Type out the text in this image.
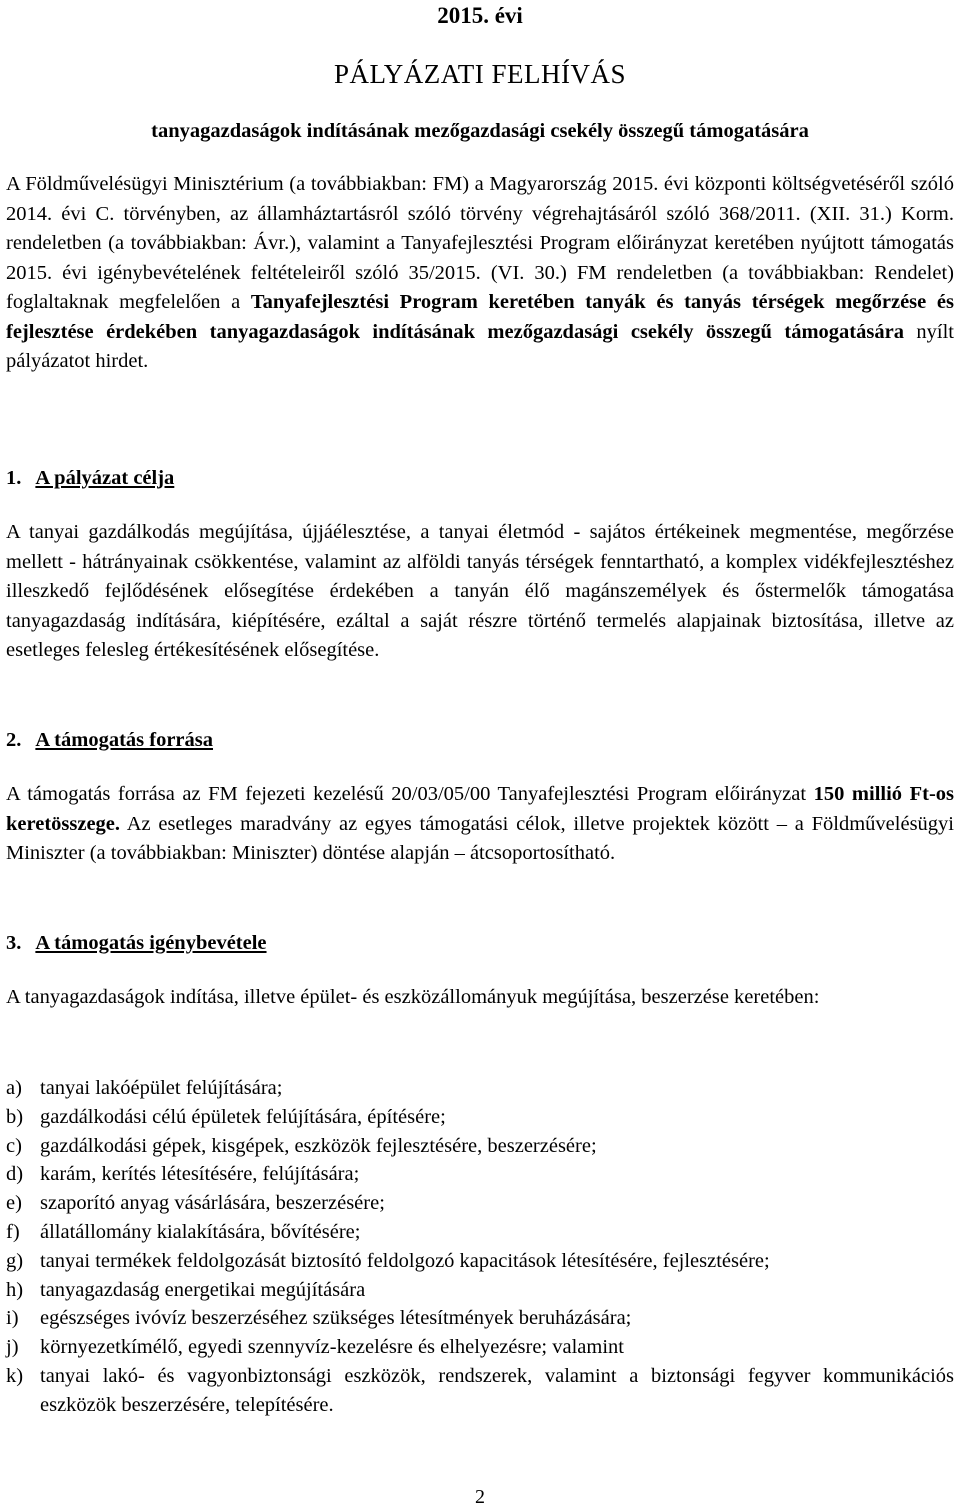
2015. évi
PÁLYÁZATI FELHÍVÁS
tanyagazdaságok indításának mezőgazdasági csekély összegű támogatására

A Földművelésügyi Minisztérium (a továbbiakban: FM) a Magyarország 2015. évi központi költségvetéséről szóló 2014. évi C. törvényben, az államháztartásról szóló törvény végrehajtásáról szóló 368/2011. (XII. 31.) Korm. rendeletben (a továbbiakban: Ávr.), valamint a Tanyafejlesztési Program előirányzat keretében nyújtott támogatás 2015. évi igénybevételének feltételeiről szóló 35/2015. (VI. 30.) FM rendeletben (a továbbiakban: Rendelet) foglaltaknak megfelelően a Tanyafejlesztési Program keretében tanyák és tanyás térségek megőrzése és fejlesztése érdekében tanyagazdaságok indításának mezőgazdasági csekély összegű támogatására nyílt pályázatot hirdet.

1. A pályázat célja

A tanyai gazdálkodás megújítása, újjáélesztése, a tanyai életmód - sajátos értékeinek megmentése, megőrzése mellett - hátrányainak csökkentése, valamint az alföldi tanyás térségek fenntartható, a komplex vidékfejlesztéshez illeszkedő fejlődésének elősegítése érdekében a tanyán élő magánszemélyek és őstermelők támogatása tanyagazdaság indítására, kiépítésére, ezáltal a saját részre történő termelés alapjainak biztosítása, illetve az esetleges felesleg értékesítésének elősegítése.

2. A támogatás forrása

A támogatás forrása az FM fejezeti kezelésű 20/03/05/00 Tanyafejlesztési Program előirányzat 150 millió Ft-os keretösszege. Az esetleges maradvány az egyes támogatási célok, illetve projektek között – a Földművelésügyi Miniszter (a továbbiakban: Miniszter) döntése alapján – átcsoportosítható.

3. A támogatás igénybevétele

A tanyagazdaságok indítása, illetve épület- és eszközállományuk megújítása, beszerzése keretében:

a) tanyai lakóépület felújítására;
b) gazdálkodási célú épületek felújítására, építésére;
c) gazdálkodási gépek, kisgépek, eszközök fejlesztésére, beszerzésére;
d) karám, kerítés létesítésére, felújítására;
e) szaporító anyag vásárlására, beszerzésére;
f) állatállomány kialakítására, bővítésére;
g) tanyai termékek feldolgozását biztosító feldolgozó kapacitások létesítésére, fejlesztésére;
h) tanyagazdaság energetikai megújítására
i) egészséges ivóvíz beszerzéséhez szükséges létesítmények beruházására;
j) környezetkímélő, egyedi szennyvíz-kezelésre és elhelyezésre; valamint
k) tanyai lakó- és vagyonbiztonsági eszközök, rendszerek, valamint a biztonsági fegyver kommunikációs eszközök beszerzésére, telepítésére.
2
